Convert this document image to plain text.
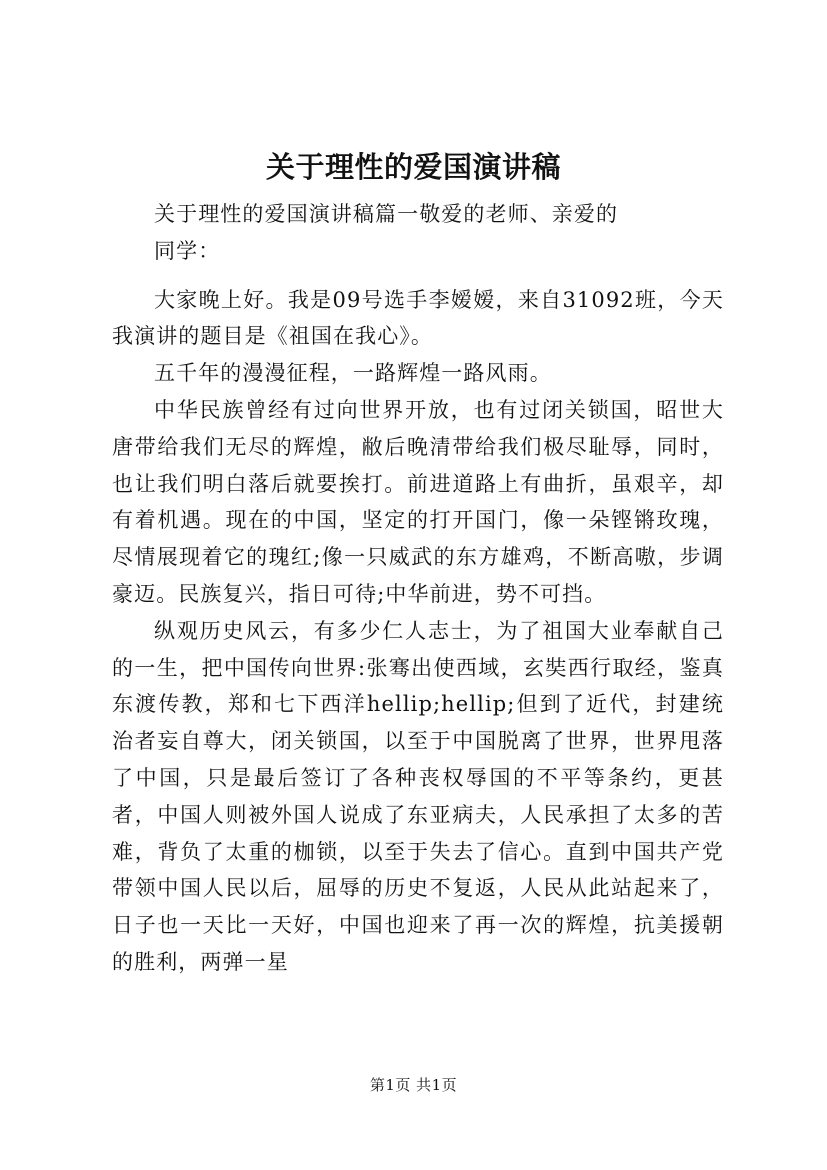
关于理性的爱国演讲稿

关于理性的爱国演讲稿篇一敬爱的老师、亲爱的

同学：

大家晚上好。我是09号选手李嫒嫒，来自31092班，今天我演讲的题目是《祖国在我心》。

五千年的漫漫征程，一路辉煌一路风雨。

中华民族曾经有过向世界开放，也有过闭关锁国，昭世大唐带给我们无尽的辉煌，敝后晚清带给我们极尽耻辱，同时，也让我们明白落后就要挨打。前进道路上有曲折，虽艰辛，却有着机遇。现在的中国，坚定的打开国门，像一朵铿锵玫瑰，尽情展现着它的瑰红;像一只威武的东方雄鸡，不断高嗷，步调豪迈。民族复兴，指日可待;中华前进，势不可挡。

纵观历史风云，有多少仁人志士，为了祖国大业奉献自己的一生，把中国传向世界:张骞出使西域，玄奘西行取经，鉴真东渡传教，郑和七下西洋hellip;hellip;但到了近代，封建统治者妄自尊大，闭关锁国，以至于中国脱离了世界，世界甩落了中国，只是最后签订了各种丧权辱国的不平等条约，更甚者，中国人则被外国人说成了东亚病夫，人民承担了太多的苦难，背负了太重的枷锁，以至于失去了信心。直到中国共产党带领中国人民以后，屈辱的历史不复返，人民从此站起来了，日子也一天比一天好，中国也迎来了再一次的辉煌，抗美援朝的胜利，两弹一星

第1页 共1页
